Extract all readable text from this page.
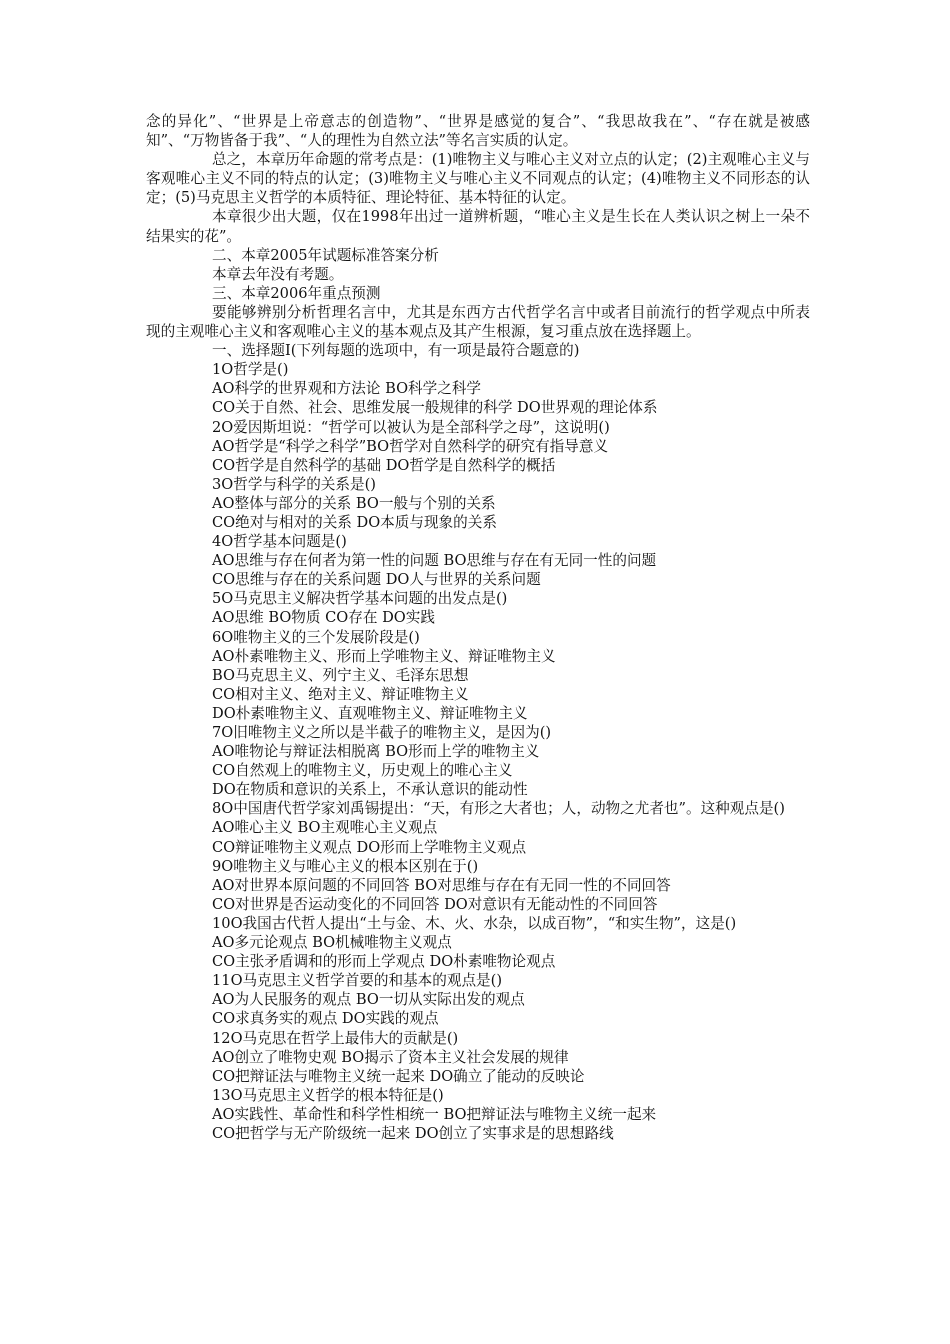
念的异化”、“世界是上帝意志的创造物”、“世界是感觉的复合”、“我思故我在”、“存在就是被感知”、“万物皆备于我”、“人的理性为自然立法”等名言实质的认定。

总之，本章历年命题的常考点是：(1)唯物主义与唯心主义对立点的认定；(2)主观唯心主义与客观唯心主义不同的特点的认定；(3)唯物主义与唯心主义不同观点的认定；(4)唯物主义不同形态的认定；(5)马克思主义哲学的本质特征、理论特征、基本特征的认定。

本章很少出大题，仅在1998年出过一道辨析题，“唯心主义是生长在人类认识之树上一朵不结果实的花”。

二、本章2005年试题标准答案分析

本章去年没有考题。

三、本章2006年重点预测

要能够辨别分析哲理名言中，尤其是东西方古代哲学名言中或者目前流行的哲学观点中所表现的主观唯心主义和客观唯心主义的基本观点及其产生根源，复习重点放在选择题上。

一、选择题Ⅰ(下列每题的选项中，有一项是最符合题意的)

1O哲学是()

AO科学的世界观和方法论 BO科学之科学

CO关于自然、社会、思维发展一般规律的科学 DO世界观的理论体系

2O爱因斯坦说：“哲学可以被认为是全部科学之母”，这说明()

AO哲学是“科学之科学”BO哲学对自然科学的研究有指导意义

CO哲学是自然科学的基础 DO哲学是自然科学的概括

3O哲学与科学的关系是()

AO整体与部分的关系 BO一般与个别的关系

CO绝对与相对的关系 DO本质与现象的关系

4O哲学基本问题是()

AO思维与存在何者为第一性的问题 BO思维与存在有无同一性的问题

CO思维与存在的关系问题 DO人与世界的关系问题

5O马克思主义解决哲学基本问题的出发点是()

AO思维 BO物质 CO存在 DO实践

6O唯物主义的三个发展阶段是()

AO朴素唯物主义、形而上学唯物主义、辩证唯物主义

BO马克思主义、列宁主义、毛泽东思想

CO相对主义、绝对主义、辩证唯物主义

DO朴素唯物主义、直观唯物主义、辩证唯物主义

7O旧唯物主义之所以是半截子的唯物主义，是因为()

AO唯物论与辩证法相脱离 BO形而上学的唯物主义

CO自然观上的唯物主义，历史观上的唯心主义

DO在物质和意识的关系上，不承认意识的能动性

8O中国唐代哲学家刘禹锡提出：“天，有形之大者也；人，动物之尤者也”。这种观点是()

AO唯心主义 BO主观唯心主义观点

CO辩证唯物主义观点 DO形而上学唯物主义观点

9O唯物主义与唯心主义的根本区别在于()

AO对世界本原问题的不同回答 BO对思维与存在有无同一性的不同回答

CO对世界是否运动变化的不同回答 DO对意识有无能动性的不同回答

10O我国古代哲人提出“土与金、木、火、水杂，以成百物”，“和实生物”，这是()

AO多元论观点 BO机械唯物主义观点

CO主张矛盾调和的形而上学观点 DO朴素唯物论观点

11O马克思主义哲学首要的和基本的观点是()

AO为人民服务的观点 BO一切从实际出发的观点

CO求真务实的观点 DO实践的观点

12O马克思在哲学上最伟大的贡献是()

AO创立了唯物史观 BO揭示了资本主义社会发展的规律

CO把辩证法与唯物主义统一起来 DO确立了能动的反映论

13O马克思主义哲学的根本特征是()

AO实践性、革命性和科学性相统一 BO把辩证法与唯物主义统一起来

CO把哲学与无产阶级统一起来 DO创立了实事求是的思想路线
